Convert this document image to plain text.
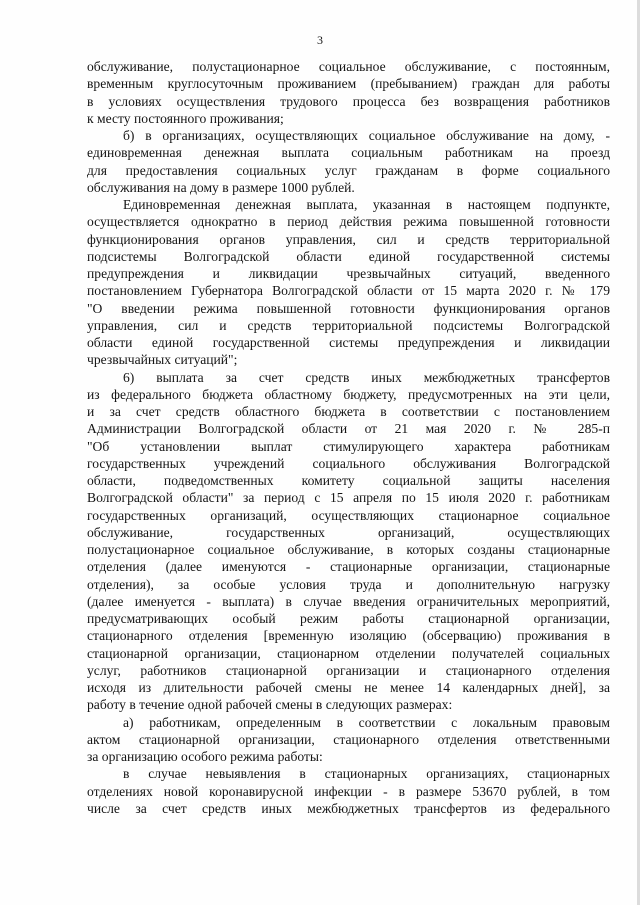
3
обслуживание, полустационарное социальное обслуживание, с постоянным,
временным круглосуточным проживанием (пребыванием) граждан для работы
в условиях осуществления трудового процесса без возвращения работников
к месту постоянного проживания;
б) в организациях, осуществляющих социальное обслуживание на дому, -
единовременная денежная выплата социальным работникам на проезд
для предоставления социальных услуг гражданам в форме социального
обслуживания на дому в размере 1000 рублей.
Единовременная денежная выплата, указанная в настоящем подпункте,
осуществляется однократно в период действия режима повышенной готовности
функционирования органов управления, сил и средств территориальной
подсистемы Волгоградской области единой государственной системы
предупреждения и ликвидации чрезвычайных ситуаций, введенного
постановлением Губернатора Волгоградской области от 15 марта 2020 г. № 179
"О введении режима повышенной готовности функционирования органов
управления, сил и средств территориальной подсистемы Волгоградской
области единой государственной системы предупреждения и ликвидации
чрезвычайных ситуаций";
6) выплата за счет средств иных межбюджетных трансфертов
из федерального бюджета областному бюджету, предусмотренных на эти цели,
и за счет средств областного бюджета в соответствии с постановлением
Администрации Волгоградской области от 21 мая 2020 г. № 285-п
"Об установлении выплат стимулирующего характера работникам
государственных учреждений социального обслуживания Волгоградской
области, подведомственных комитету социальной защиты населения
Волгоградской области" за период с 15 апреля по 15 июля 2020 г. работникам
государственных организаций, осуществляющих стационарное социальное
обслуживание, государственных организаций, осуществляющих
полустационарное социальное обслуживание, в которых созданы стационарные
отделения (далее именуются - стационарные организации, стационарные
отделения), за особые условия труда и дополнительную нагрузку
(далее именуется - выплата) в случае введения ограничительных мероприятий,
предусматривающих особый режим работы стационарной организации,
стационарного отделения [временную изоляцию (обсервацию) проживания в
стационарной организации, стационарном отделении получателей социальных
услуг, работников стационарной организации и стационарного отделения
исходя из длительности рабочей смены не менее 14 календарных дней], за
работу в течение одной рабочей смены в следующих размерах:
а) работникам, определенным в соответствии с локальным правовым
актом стационарной организации, стационарного отделения ответственными
за организацию особого режима работы:
в случае невыявления в стационарных организациях, стационарных
отделениях новой коронавирусной инфекции - в размере 53670 рублей, в том
числе за счет средств иных межбюджетных трансфертов из федерального
